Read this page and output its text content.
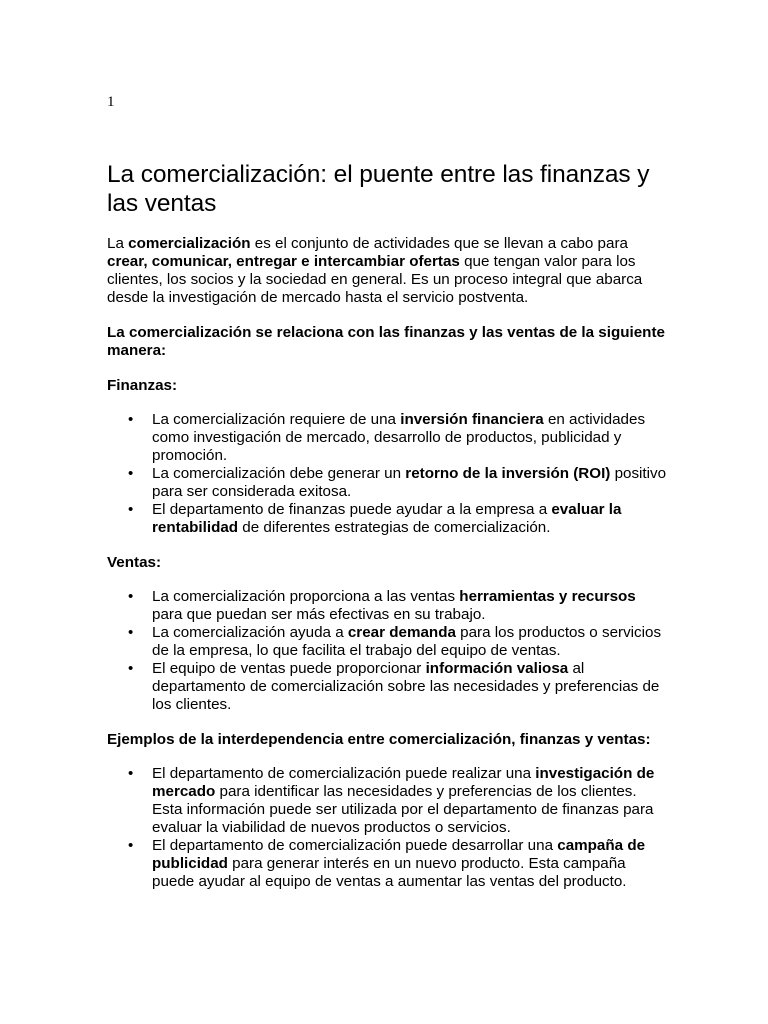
1
La comercialización: el puente entre las finanzas y las ventas

La comercialización es el conjunto de actividades que se llevan a cabo para crear, comunicar, entregar e intercambiar ofertas que tengan valor para los clientes, los socios y la sociedad en general. Es un proceso integral que abarca desde la investigación de mercado hasta el servicio postventa.

La comercialización se relaciona con las finanzas y las ventas de la siguiente manera:

Finanzas:

• La comercialización requiere de una inversión financiera en actividades como investigación de mercado, desarrollo de productos, publicidad y promoción.
• La comercialización debe generar un retorno de la inversión (ROI) positivo para ser considerada exitosa.
• El departamento de finanzas puede ayudar a la empresa a evaluar la rentabilidad de diferentes estrategias de comercialización.

Ventas:

• La comercialización proporciona a las ventas herramientas y recursos para que puedan ser más efectivas en su trabajo.
• La comercialización ayuda a crear demanda para los productos o servicios de la empresa, lo que facilita el trabajo del equipo de ventas.
• El equipo de ventas puede proporcionar información valiosa al departamento de comercialización sobre las necesidades y preferencias de los clientes.

Ejemplos de la interdependencia entre comercialización, finanzas y ventas:

• El departamento de comercialización puede realizar una investigación de mercado para identificar las necesidades y preferencias de los clientes. Esta información puede ser utilizada por el departamento de finanzas para evaluar la viabilidad de nuevos productos o servicios.
• El departamento de comercialización puede desarrollar una campaña de publicidad para generar interés en un nuevo producto. Esta campaña puede ayudar al equipo de ventas a aumentar las ventas del producto.
